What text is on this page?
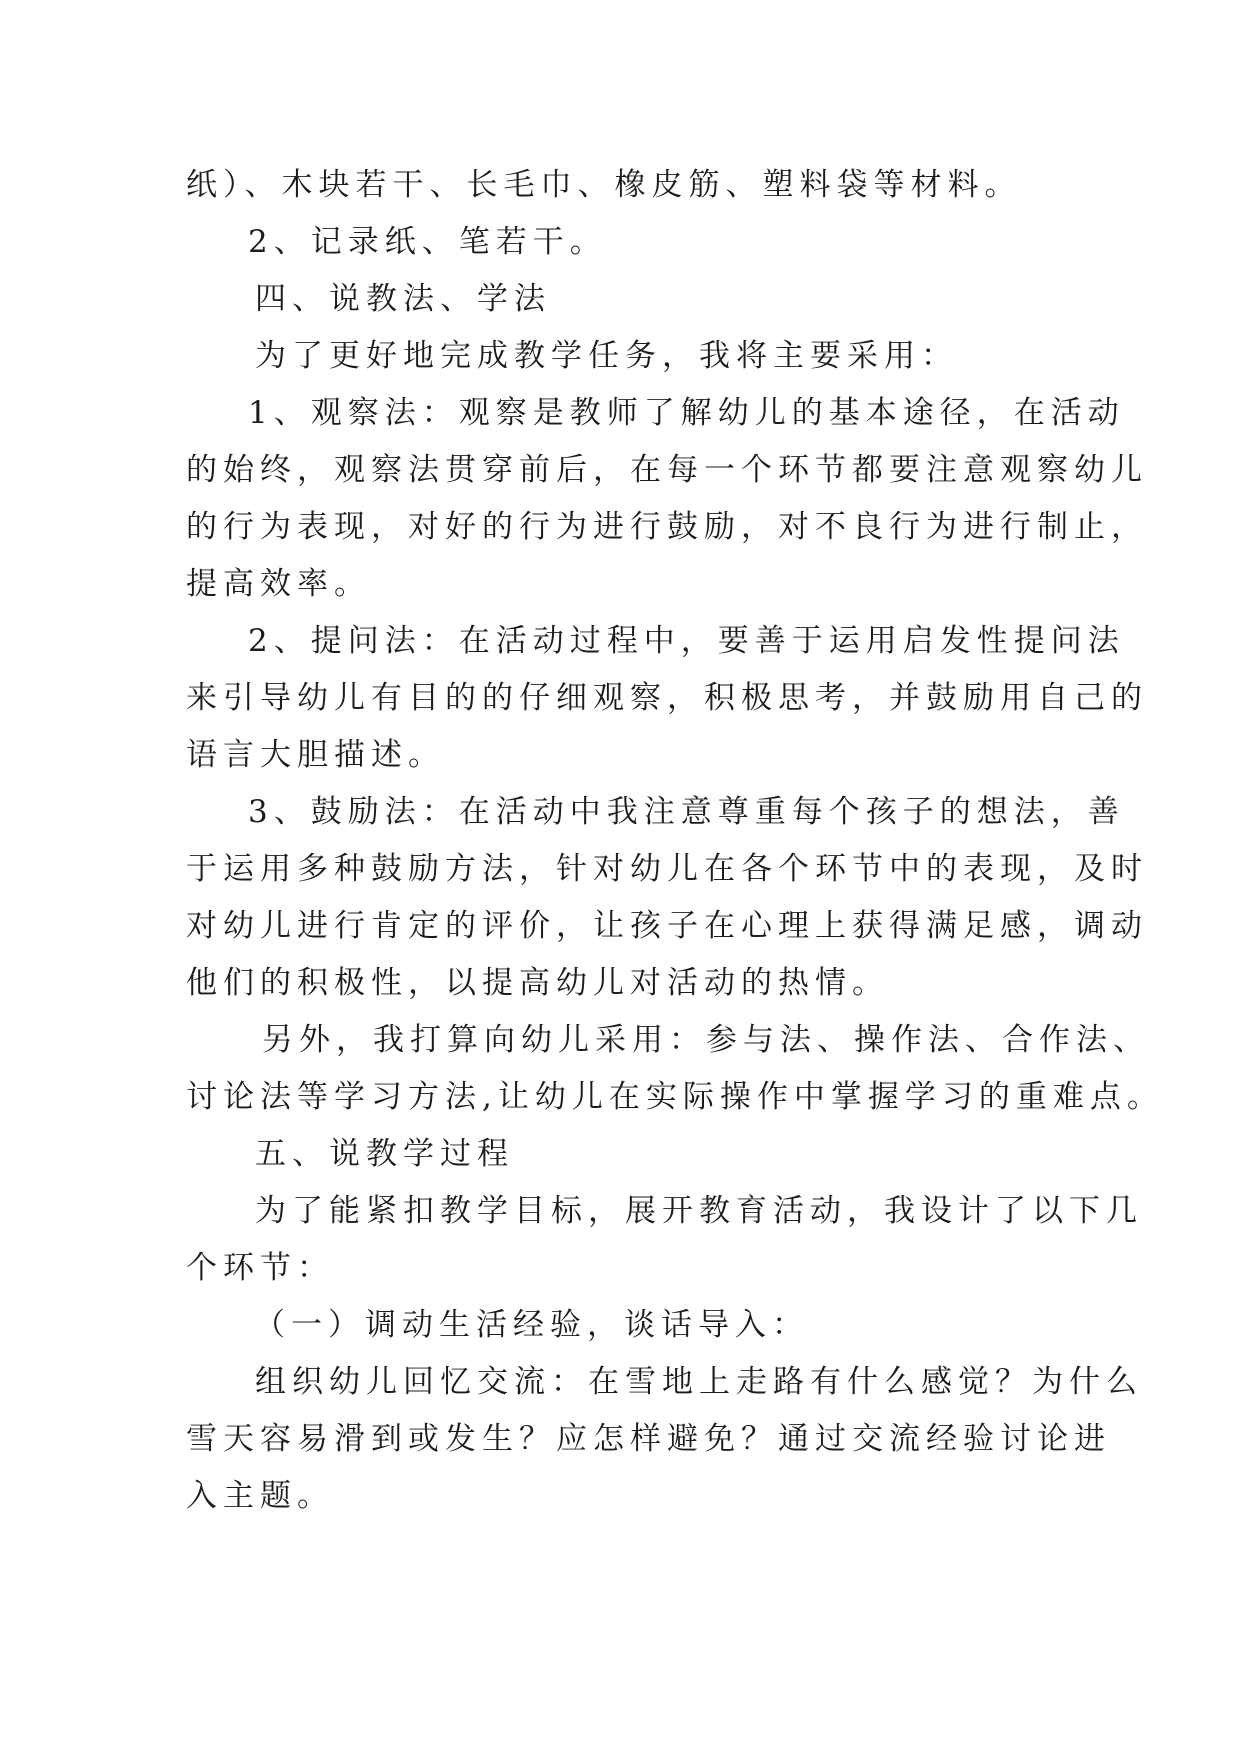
纸）、木块若干、长毛巾、橡皮筋、塑料袋等材料。
2、记录纸、笔若干。
四、说教法、学法
为了更好地完成教学任务，我将主要采用：
1、观察法：观察是教师了解幼儿的基本途径，在活动
的始终，观察法贯穿前后，在每一个环节都要注意观察幼儿
的行为表现，对好的行为进行鼓励，对不良行为进行制止，
提高效率。
2、提问法：在活动过程中，要善于运用启发性提问法
来引导幼儿有目的的仔细观察，积极思考，并鼓励用自己的
语言大胆描述。
3、鼓励法：在活动中我注意尊重每个孩子的想法，善
于运用多种鼓励方法，针对幼儿在各个环节中的表现，及时
对幼儿进行肯定的评价，让孩子在心理上获得满足感，调动
他们的积极性，以提高幼儿对活动的热情。
另外，我打算向幼儿采用：参与法、操作法、合作法、
讨论法等学习方法,让幼儿在实际操作中掌握学习的重难点。
五、说教学过程
为了能紧扣教学目标，展开教育活动，我设计了以下几
个环节：
（一）调动生活经验，谈话导入：
组织幼儿回忆交流：在雪地上走路有什么感觉？为什么
雪天容易滑到或发生？应怎样避免？通过交流经验讨论进
入主题。
